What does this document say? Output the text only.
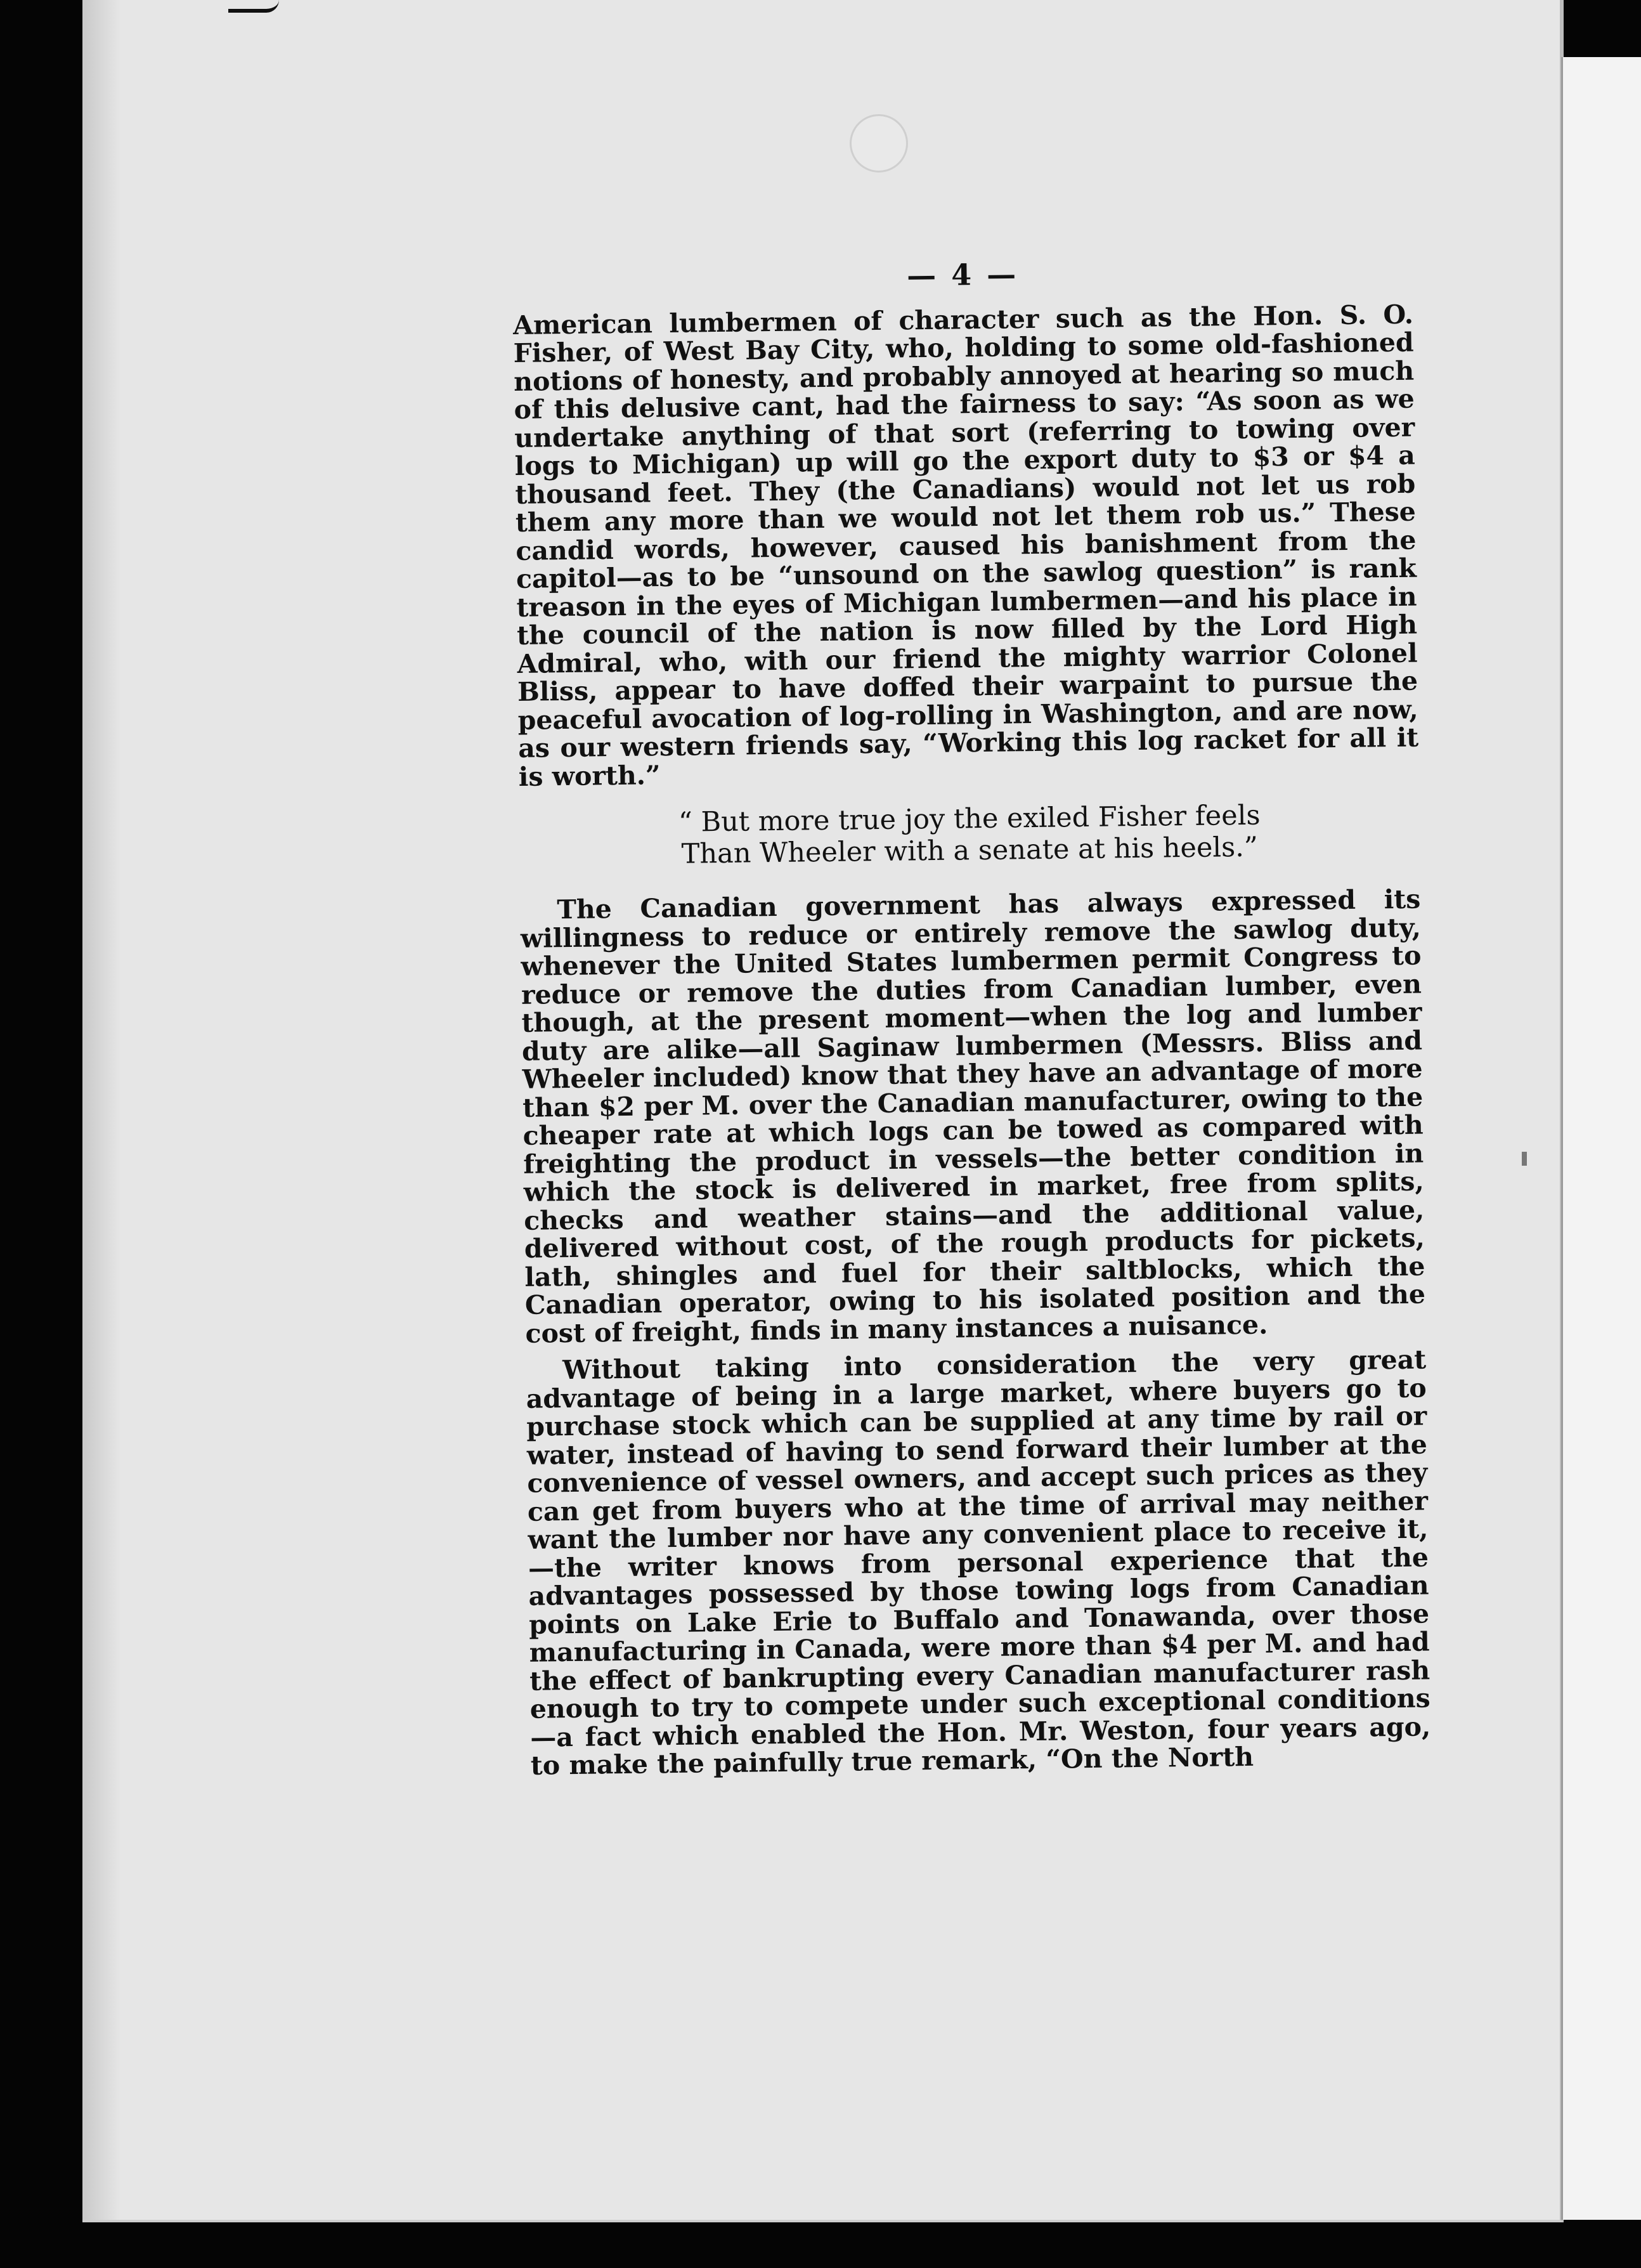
— 4 —

American lumbermen of character such as the Hon. S. O. Fisher, of West Bay City, who, holding to some old-fashioned notions of honesty, and probably annoyed at hearing so much of this delusive cant, had the fairness to say: “As soon as we undertake anything of that sort (referring to towing over logs to Michigan) up will go the export duty to $3 or $4 a thousand feet. They (the Canadians) would not let us rob them any more than we would not let them rob us.” These candid words, however, caused his banishment from the capitol—as to be “unsound on the sawlog question” is rank treason in the eyes of Michigan lumbermen—and his place in the council of the nation is now filled by the Lord High Admiral, who, with our friend the mighty warrior Colonel Bliss, appear to have doffed their warpaint to pursue the peaceful avocation of log-rolling in Washington, and are now, as our western friends say, “Working this log racket for all it is worth.”

“ But more true joy the exiled Fisher feels
Than Wheeler with a senate at his heels.”

The Canadian government has always expressed its willingness to reduce or entirely remove the sawlog duty, whenever the United States lumbermen permit Congress to reduce or remove the duties from Canadian lumber, even though, at the present moment—when the log and lumber duty are alike—all Saginaw lumbermen (Messrs. Bliss and Wheeler included) know that they have an advantage of more than $2 per M. over the Canadian manufacturer, owing to the cheaper rate at which logs can be towed as compared with freighting the product in vessels—the better condition in which the stock is delivered in market, free from splits, checks and weather stains—and the additional value, delivered without cost, of the rough products for pickets, lath, shingles and fuel for their saltblocks, which the Canadian operator, owing to his isolated position and the cost of freight, finds in many instances a nuisance.

Without taking into consideration the very great advantage of being in a large market, where buyers go to purchase stock which can be supplied at any time by rail or water, instead of having to send forward their lumber at the convenience of vessel owners, and accept such prices as they can get from buyers who at the time of arrival may neither want the lumber nor have any convenient place to receive it,—the writer knows from personal experience that the advantages possessed by those towing logs from Canadian points on Lake Erie to Buffalo and Tonawanda, over those manufacturing in Canada, were more than $4 per M. and had the effect of bankrupting every Canadian manufacturer rash enough to try to compete under such exceptional conditions—a fact which enabled the Hon. Mr. Weston, four years ago, to make the painfully true remark, “On the North
